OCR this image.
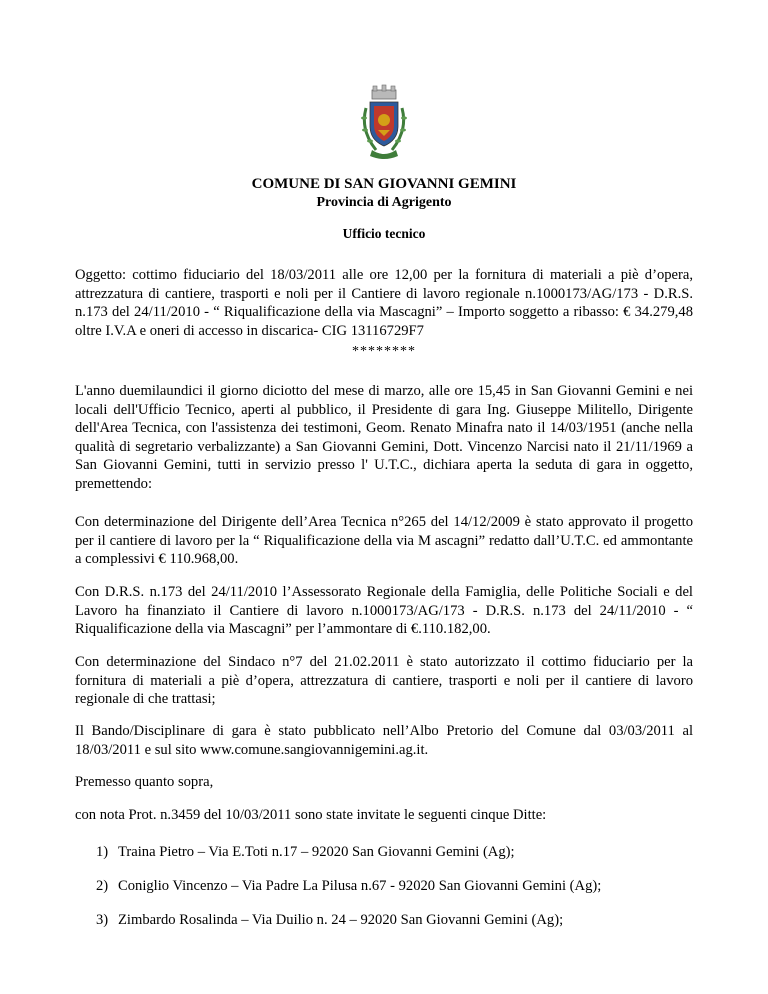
COMUNE DI SAN GIOVANNI GEMINI
Provincia di Agrigento
Ufficio tecnico
Oggetto: cottimo fiduciario del 18/03/2011 alle ore 12,00 per la fornitura di materiali a piè d’opera, attrezzatura di cantiere, trasporti e noli per il Cantiere di lavoro regionale n.1000173/AG/173 - D.R.S. n.173 del 24/11/2010 - “ Riqualificazione della via Mascagni” – Importo soggetto a ribasso: € 34.279,48 oltre I.V.A e oneri di accesso in discarica- CIG 13116729F7
********
L'anno duemilaundici il giorno diciotto del mese di marzo, alle ore 15,45 in San Giovanni Gemini e nei locali dell'Ufficio Tecnico, aperti al pubblico, il Presidente di gara Ing. Giuseppe Militello, Dirigente dell'Area Tecnica, con l'assistenza dei testimoni, Geom. Renato Minafra nato il 14/03/1951 (anche nella qualità di segretario verbalizzante) a San Giovanni Gemini, Dott. Vincenzo Narcisi nato il 21/11/1969 a San Giovanni Gemini, tutti in servizio presso l' U.T.C., dichiara aperta la seduta di gara in oggetto, premettendo:
Con determinazione del Dirigente dell’Area Tecnica n°265 del 14/12/2009 è stato approvato il progetto per il cantiere di lavoro per la “ Riqualificazione della via M ascagni” redatto dall’U.T.C. ed ammontante a complessivi € 110.968,00.
Con D.R.S. n.173 del 24/11/2010 l’Assessorato Regionale della Famiglia, delle Politiche Sociali e del Lavoro ha finanziato il Cantiere di lavoro n.1000173/AG/173 - D.R.S. n.173 del 24/11/2010 - “ Riqualificazione della via Mascagni” per l’ammontare di €.110.182,00.
Con determinazione del Sindaco n°7 del 21.02.2011 è stato autorizzato il cottimo fiduciario per la fornitura di materiali a piè d’opera, attrezzatura di cantiere, trasporti e noli per il cantiere di lavoro regionale di che trattasi;
Il Bando/Disciplinare di gara è stato pubblicato nell’Albo Pretorio del Comune dal 03/03/2011 al 18/03/2011 e sul sito www.comune.sangiovannigemini.ag.it.
Premesso quanto sopra,
con nota Prot. n.3459 del 10/03/2011 sono state invitate le seguenti cinque Ditte:
1) Traina Pietro – Via E.Toti n.17 – 92020 San Giovanni Gemini (Ag);
2) Coniglio Vincenzo – Via Padre La Pilusa n.67 - 92020 San Giovanni Gemini (Ag);
3) Zimbardo Rosalinda – Via Duilio n. 24 – 92020 San Giovanni Gemini (Ag);
